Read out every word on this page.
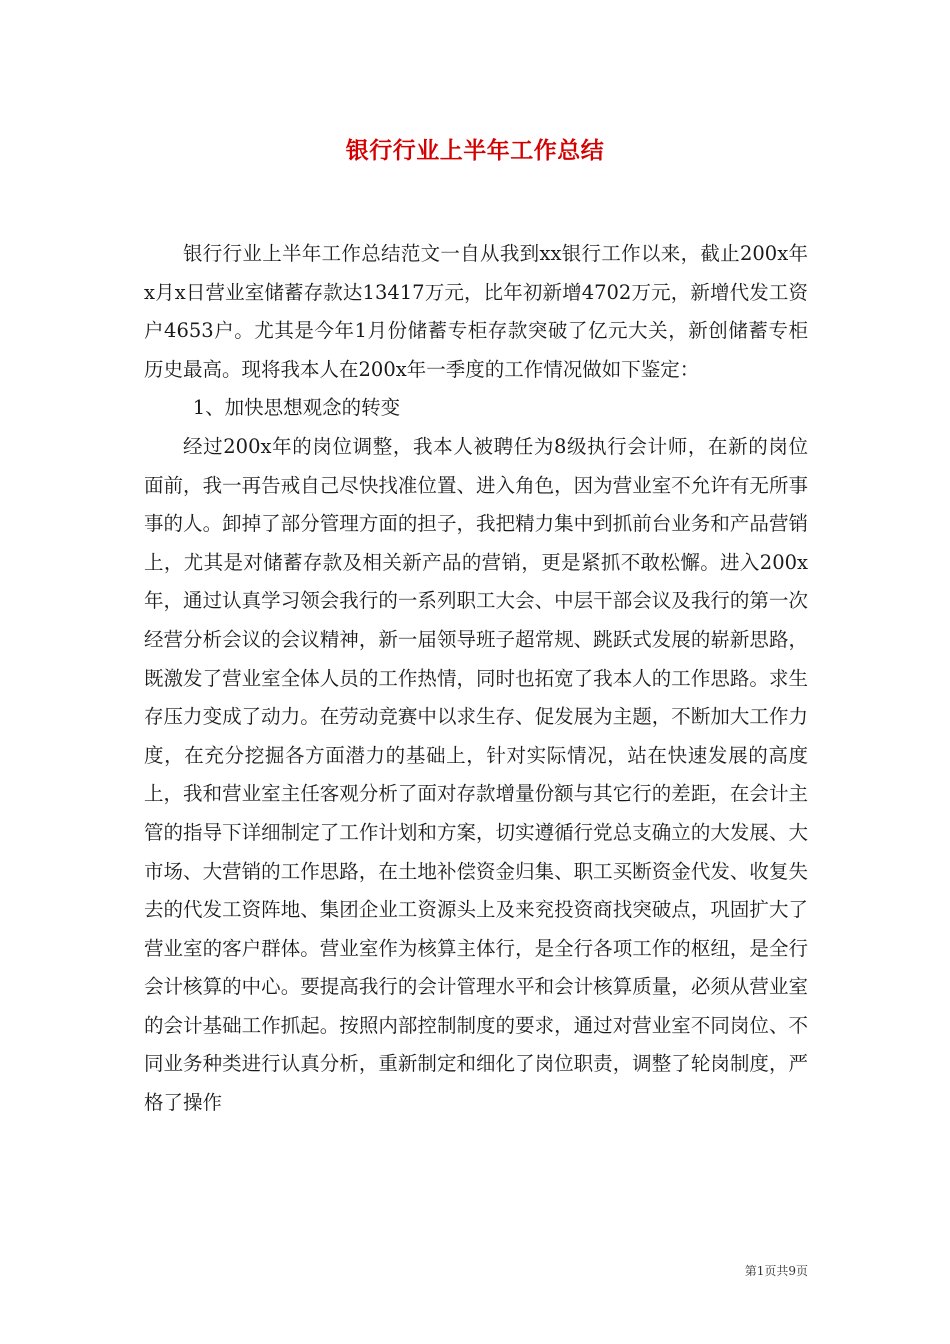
银行行业上半年工作总结

银行行业上半年工作总结范文一自从我到xx银行工作以来，截止200x年x月x日营业室储蓄存款达13417万元，比年初新增4702万元，新增代发工资户4653户。尤其是今年1月份储蓄专柜存款突破了亿元大关，新创储蓄专柜历史最高。现将我本人在200x年一季度的工作情况做如下鉴定：

1、加快思想观念的转变

经过200x年的岗位调整，我本人被聘任为8级执行会计师，在新的岗位面前，我一再告戒自己尽快找准位置、进入角色，因为营业室不允许有无所事事的人。卸掉了部分管理方面的担子，我把精力集中到抓前台业务和产品营销上，尤其是对储蓄存款及相关新产品的营销，更是紧抓不敢松懈。进入200x年，通过认真学习领会我行的一系列职工大会、中层干部会议及我行的第一次经营分析会议的会议精神，新一届领导班子超常规、跳跃式发展的崭新思路，既激发了营业室全体人员的工作热情，同时也拓宽了我本人的工作思路。求生存压力变成了动力。在劳动竞赛中以求生存、促发展为主题，不断加大工作力度，在充分挖掘各方面潜力的基础上，针对实际情况，站在快速发展的高度上，我和营业室主任客观分析了面对存款增量份额与其它行的差距，在会计主管的指导下详细制定了工作计划和方案，切实遵循行党总支确立的大发展、大市场、大营销的工作思路，在土地补偿资金归集、职工买断资金代发、收复失去的代发工资阵地、集团企业工资源头上及来兖投资商找突破点，巩固扩大了营业室的客户群体。营业室作为核算主体行，是全行各项工作的枢纽，是全行会计核算的中心。要提高我行的会计管理水平和会计核算质量，必须从营业室的会计基础工作抓起。按照内部控制制度的要求，通过对营业室不同岗位、不同业务种类进行认真分析，重新制定和细化了岗位职责，调整了轮岗制度，严格了操作

第1页共9页
